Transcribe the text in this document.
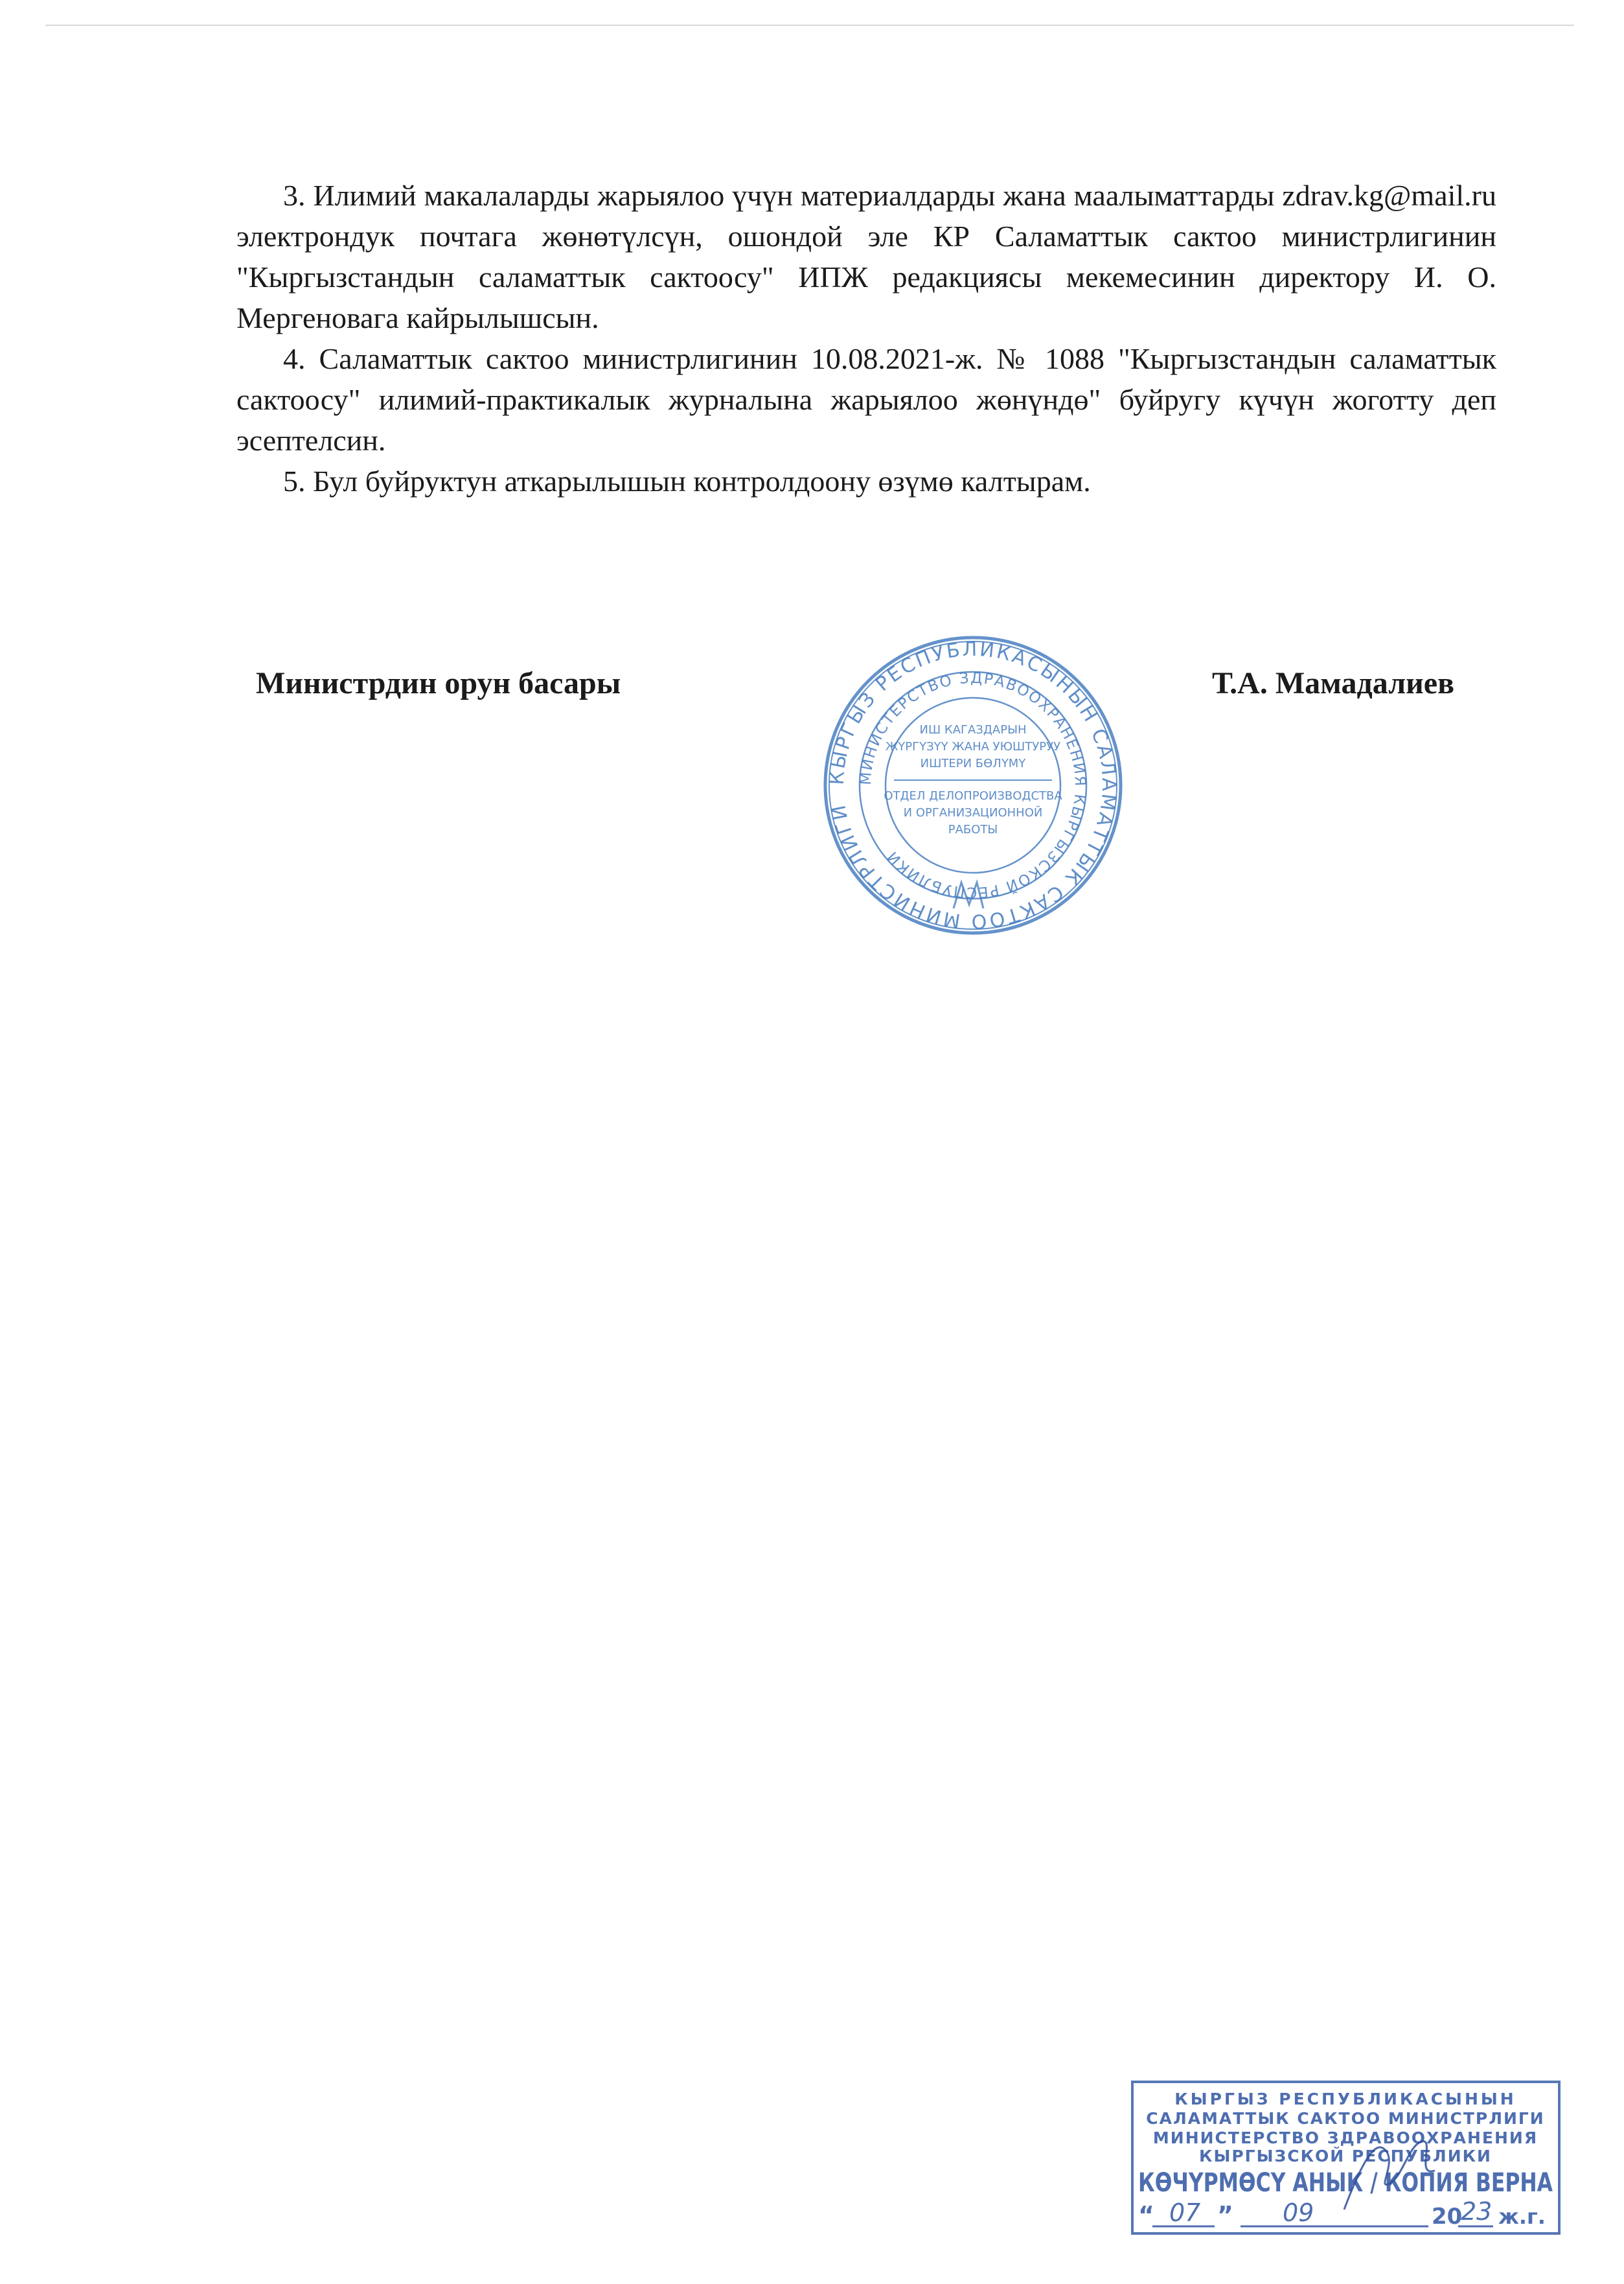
3. Илимий макалаларды жарыялоо үчүн материалдарды жана маалыматтарды zdrav.kg@mail.ru электрондук почтага жөнөтүлсүн, ошондой эле КР Саламаттык сактоо министрлигинин "Кыргызстандын саламаттык сактоосу" ИПЖ редакциясы мекемесинин директору И. О. Мергеновага кайрылышсын.

4. Саламаттык сактоо министрлигинин 10.08.2021-ж. № 1088 "Кыргызстандын саламаттык сактоосу" илимий-практикалык журналына жарыялоо жөнүндө" буйругу күчүн жоготту деп эсептелсин.

5. Бул буйруктун аткарылышын контролдоону өзүмө калтырам.

Министрдин орун басары	Т.А. Мамадалиев
КЫРГЫЗ РЕСПУБЛИКАСЫНЫН САЛАМАТТЫК САКТОО МИНИСТРЛИГИ
МИНИСТЕРСТВО ЗДРАВООХРАНЕНИЯ КЫРГЫЗСКОЙ РЕСПУБЛИКИ
ИШ КАГАЗДАРЫН
ЖҮРГҮЗҮҮ ЖАНА УЮШТУРУУ
ИШТЕРИ БӨЛҮМҮ
ОТДЕЛ ДЕЛОПРОИЗВОДСТВА
И ОРГАНИЗАЦИОННОЙ
РАБОТЫ
КЫРГЫЗ РЕСПУБЛИКАСЫНЫН
САЛАМАТТЫК САКТОО МИНИСТРЛИГИ
МИНИСТЕРСТВО ЗДРАВООХРАНЕНИЯ
КЫРГЫЗСКОЙ РЕСПУБЛИКИ
КӨЧҮРМӨСҮ АНЫК / КОПИЯ ВЕРНА
“ 07 ” 09	20
23 ж.г.
